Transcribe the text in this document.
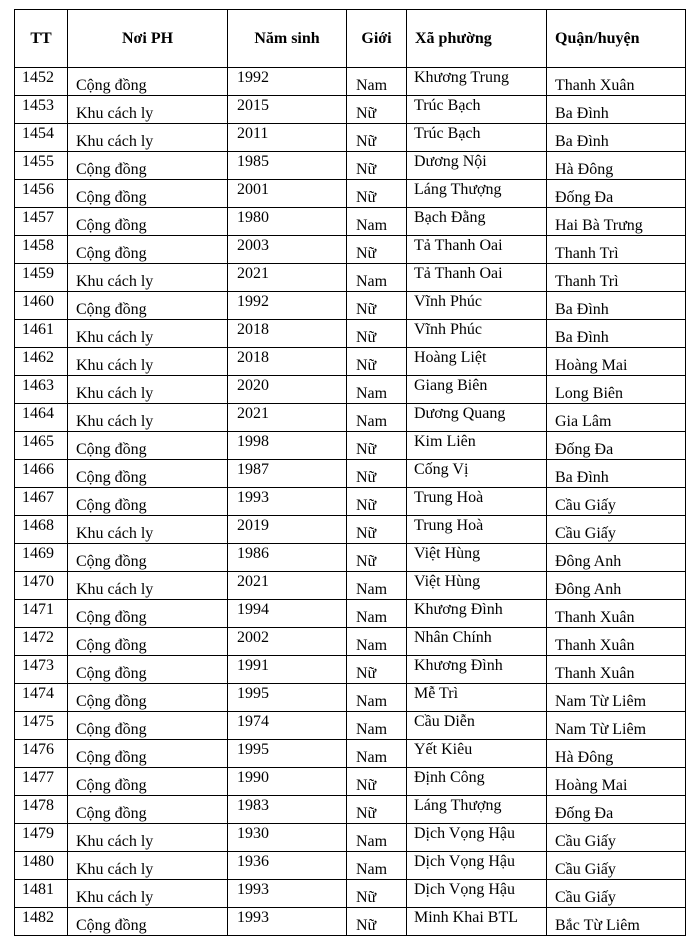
TT	Nơi PH	Năm sinh	Giới	Xã phường	Quận/huyện
1452	Cộng đồng	1992	Nam	Khương Trung	Thanh Xuân
1453	Khu cách ly	2015	Nữ	Trúc Bạch	Ba Đình
1454	Khu cách ly	2011	Nữ	Trúc Bạch	Ba Đình
1455	Cộng đồng	1985	Nữ	Dương Nội	Hà Đông
1456	Cộng đồng	2001	Nữ	Láng Thượng	Đống Đa
1457	Cộng đồng	1980	Nam	Bạch Đằng	Hai Bà Trưng
1458	Cộng đồng	2003	Nữ	Tả Thanh Oai	Thanh Trì
1459	Khu cách ly	2021	Nam	Tả Thanh Oai	Thanh Trì
1460	Cộng đồng	1992	Nữ	Vĩnh Phúc	Ba Đình
1461	Khu cách ly	2018	Nữ	Vĩnh Phúc	Ba Đình
1462	Khu cách ly	2018	Nữ	Hoàng Liệt	Hoàng Mai
1463	Khu cách ly	2020	Nam	Giang Biên	Long Biên
1464	Khu cách ly	2021	Nam	Dương Quang	Gia Lâm
1465	Cộng đồng	1998	Nữ	Kim Liên	Đống Đa
1466	Cộng đồng	1987	Nữ	Cống Vị	Ba Đình
1467	Cộng đồng	1993	Nữ	Trung Hoà	Cầu Giấy
1468	Khu cách ly	2019	Nữ	Trung Hoà	Cầu Giấy
1469	Cộng đồng	1986	Nữ	Việt Hùng	Đông Anh
1470	Khu cách ly	2021	Nam	Việt Hùng	Đông Anh
1471	Cộng đồng	1994	Nam	Khương Đình	Thanh Xuân
1472	Cộng đồng	2002	Nam	Nhân Chính	Thanh Xuân
1473	Cộng đồng	1991	Nữ	Khương Đình	Thanh Xuân
1474	Cộng đồng	1995	Nam	Mễ Trì	Nam Từ Liêm
1475	Cộng đồng	1974	Nam	Cầu Diễn	Nam Từ Liêm
1476	Cộng đồng	1995	Nam	Yết Kiêu	Hà Đông
1477	Cộng đồng	1990	Nữ	Định Công	Hoàng Mai
1478	Cộng đồng	1983	Nữ	Láng Thượng	Đống Đa
1479	Khu cách ly	1930	Nam	Dịch Vọng Hậu	Cầu Giấy
1480	Khu cách ly	1936	Nam	Dịch Vọng Hậu	Cầu Giấy
1481	Khu cách ly	1993	Nữ	Dịch Vọng Hậu	Cầu Giấy
1482	Cộng đồng	1993	Nữ	Minh Khai BTL	Bắc Từ Liêm
